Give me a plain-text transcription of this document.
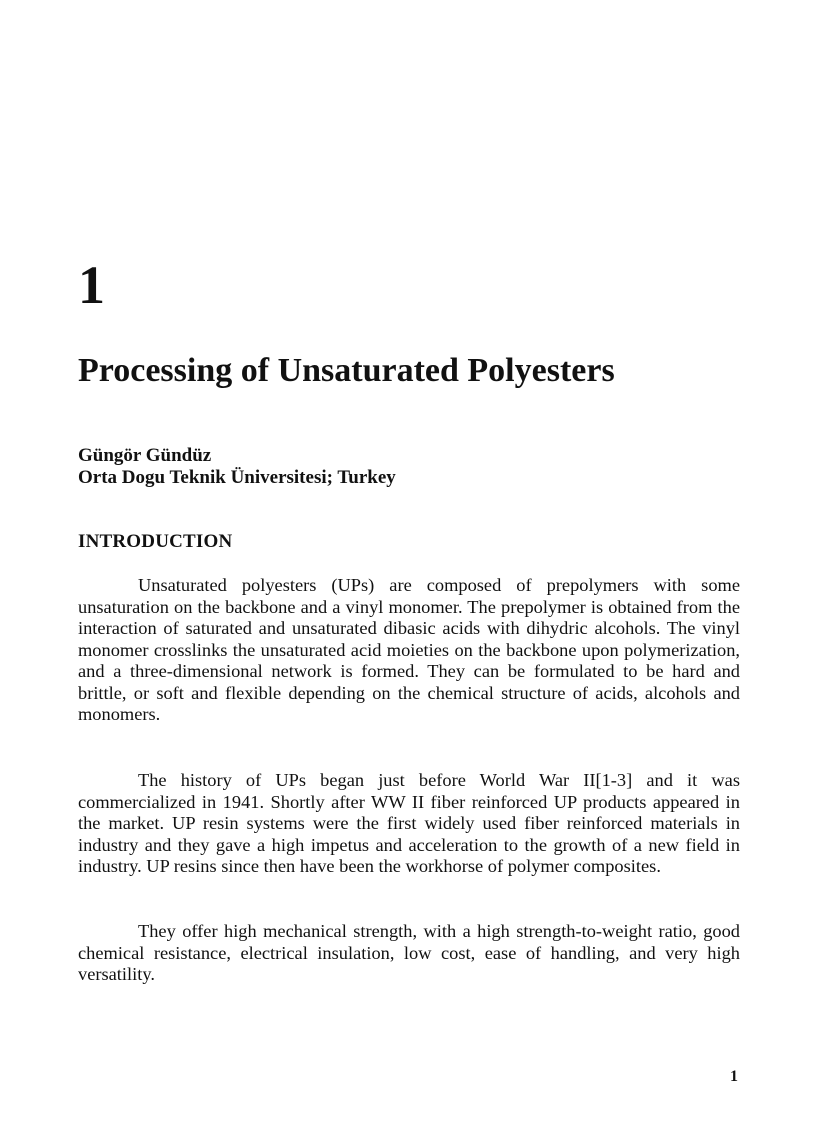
1
Processing of Unsaturated Polyesters
Güngör Gündüz
Orta Dogu Teknik Üniversitesi; Turkey
INTRODUCTION

Unsaturated polyesters (UPs) are composed of prepolymers with some unsaturation on the backbone and a vinyl monomer. The prepolymer is obtained from the interaction of saturated and unsaturated dibasic acids with dihydric alcohols. The vinyl monomer crosslinks the unsaturated acid moieties on the backbone upon polymerization, and a three-dimensional network is formed. They can be formulated to be hard and brittle, or soft and flexible depending on the chemical structure of acids, alcohols and monomers.

The history of UPs began just before World War II[1-3] and it was commercialized in 1941. Shortly after WW II fiber reinforced UP products appeared in the market. UP resin systems were the first widely used fiber reinforced materials in industry and they gave a high impetus and acceleration to the growth of a new field in industry. UP resins since then have been the workhorse of polymer composites.

They offer high mechanical strength, with a high strength-to-weight ratio, good chemical resistance, electrical insulation, low cost, ease of handling, and very high versatility.

1
